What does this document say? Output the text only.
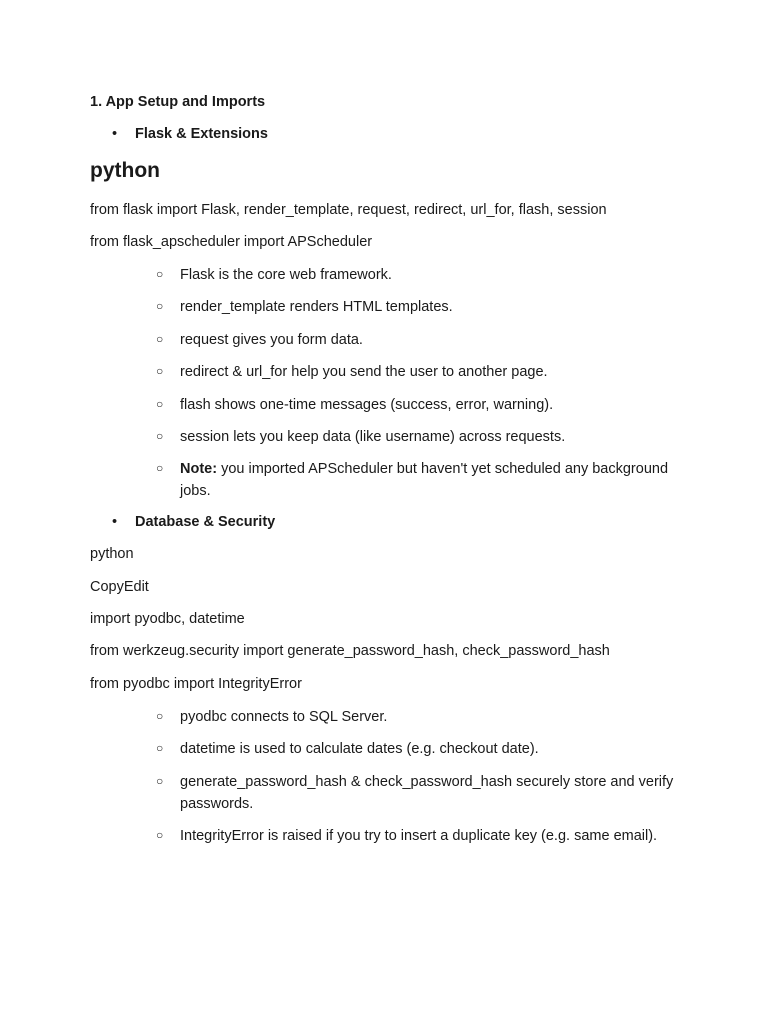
1. App Setup and Imports
• Flask & Extensions
python
from flask import Flask, render_template, request, redirect, url_for, flash, session
from flask_apscheduler import APScheduler
○	Flask is the core web framework.
○	render_template renders HTML templates.
○	request gives you form data.
○	redirect & url_for help you send the user to another page.
○	flash shows one-time messages (success, error, warning).
○	session lets you keep data (like username) across requests.
○	Note: you imported APScheduler but haven't yet scheduled any background jobs.
• Database & Security
python
CopyEdit
import pyodbc, datetime
from werkzeug.security import generate_password_hash, check_password_hash
from pyodbc import IntegrityError
○	pyodbc connects to SQL Server.
○	datetime is used to calculate dates (e.g. checkout date).
○	generate_password_hash & check_password_hash securely store and verify passwords.
○	IntegrityError is raised if you try to insert a duplicate key (e.g. same email).
